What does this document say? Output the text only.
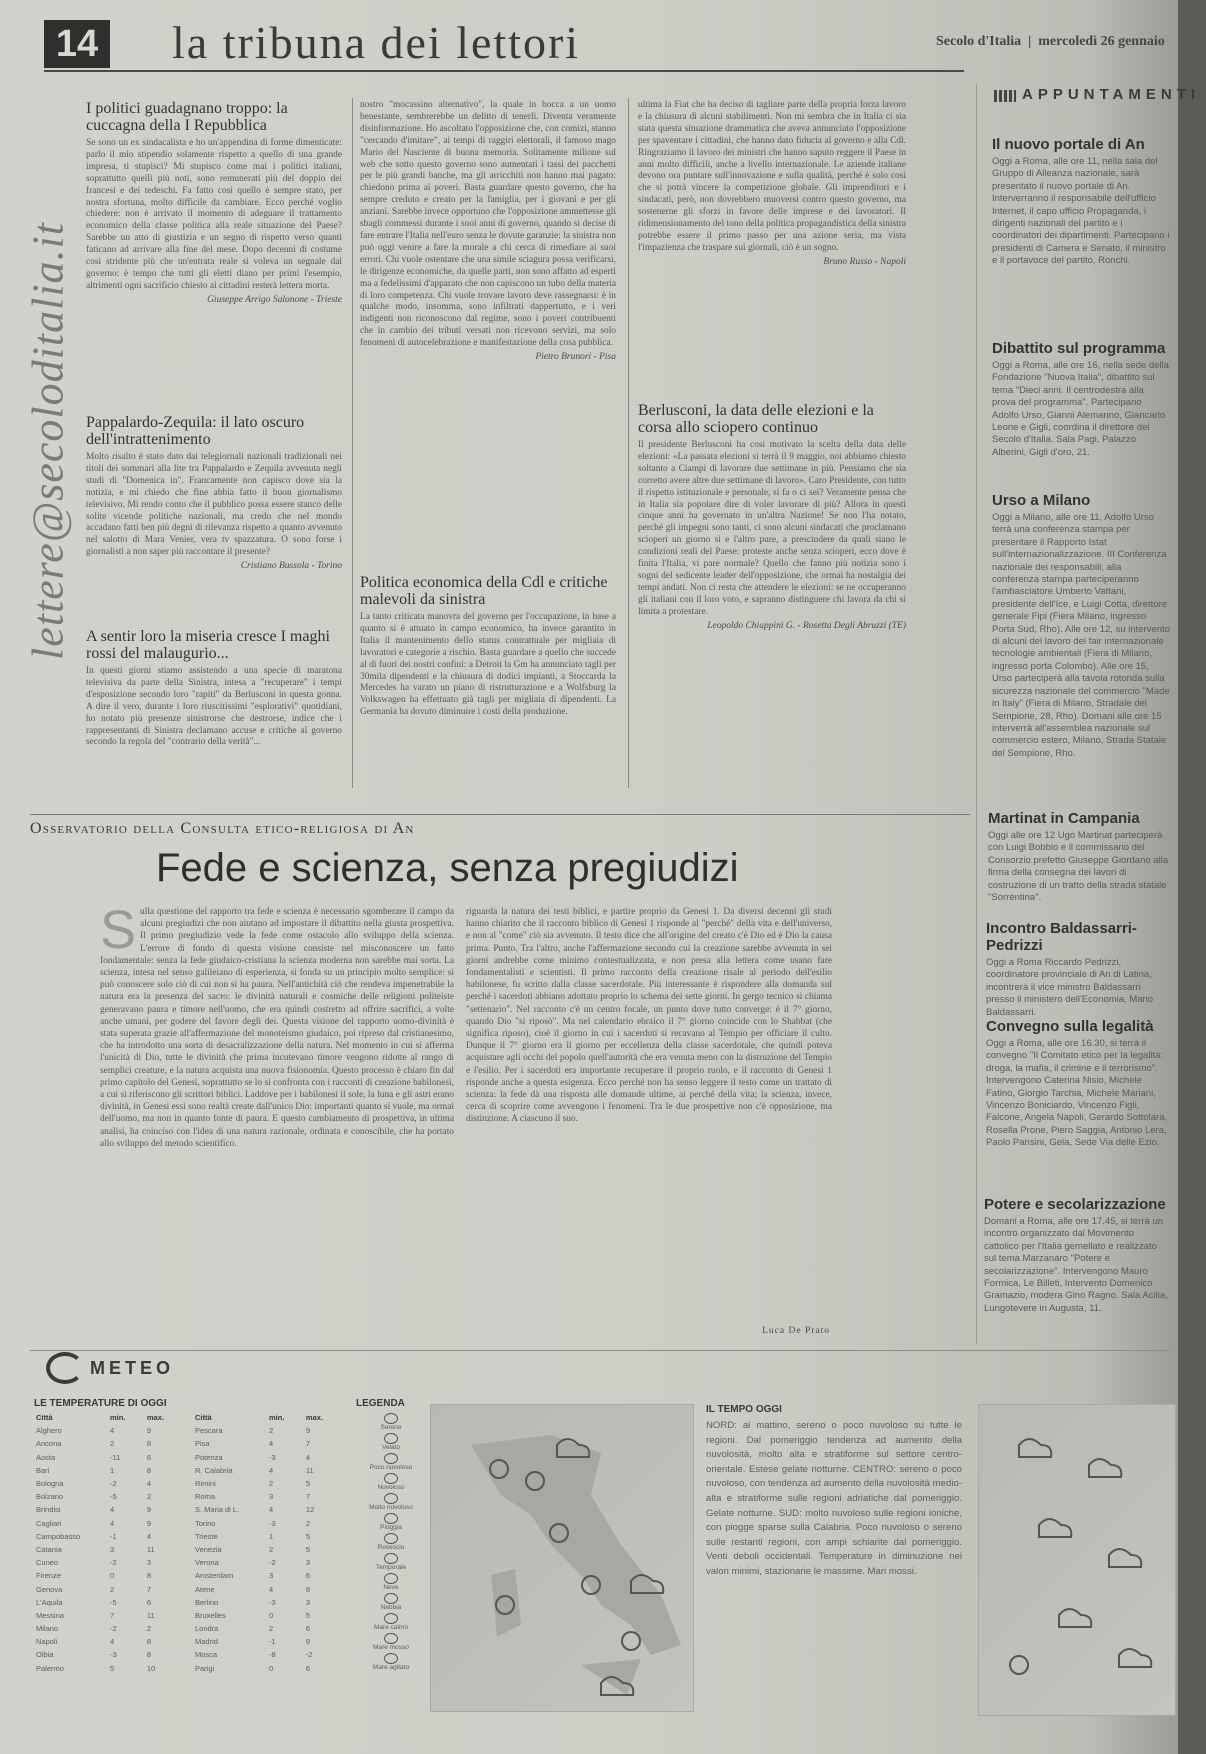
14 la tribuna dei lettori	Secolo d'Italia  |  mercoledì 26 gennaio
lettere@secoloditalia.it
I politici guadagnano troppo: la cuccagna della I Repubblica

Se sono un ex sindacalista e ho un'appendina di forme dimenticate: parlo il mio stipendio solamente rispetto a quello di una grande impresa, ti stupisci? Mi stupisco come mai i politici italiani, soprattutto quelli più noti, sono remunerati più del doppio dei francesi e dei tedeschi. Fa fatto così quello è sempre stato, per nostra sfortuna, molto difficile da cambiare. Ecco perché voglio chiedere: non è arrivato il momento di adeguare il trattamento economico della classe politica alla reale situazione del Paese? Sarebbe un atto di giustizia e un segno di rispetto verso quanti faticano ad arrivare alla fine del mese. Dopo decenni di costume così stridente più che un'entrata reale si voleva un segnale dal governo: è tempo che tutti gli eletti diano per primi l'esempio, altrimenti ogni sacrificio chiesto ai cittadini resterà lettera morta.

Giuseppe Arrigo Salonone - Trieste
Pappalardo-Zequila: il lato oscuro dell'intrattenimento

Molto risalto è stato dato dai telegiornali nazionali tradizionali nei titoli dei sommari alla lite tra Pappalardo e Zequila avvenuta negli studi di "Domenica in". Francamente non capisco dove sia la notizia, e mi chiedo che fine abbia fatto il buon giornalismo televisivo. Mi rendo conto che il pubblico possa essere stanco delle solite vicende politiche nazionali, ma credo che nel mondo accadano fatti ben più degni di rilevanza rispetto a quanto avvenuto nel salotto di Mara Venier, vera tv spazzatura. O sono forse i giornalisti a non saper più raccontare il presente?

Cristiano Bussola - Torino
A sentir loro la miseria cresce I maghi rossi del malaugurio...

In questi giorni stiamo assistendo a una specie di maratona televisiva da parte della Sinistra, intesa a "recuperare" i tempi d'esposizione secondo loro "rapiti" da Berlusconi in questa gonna. A dire il vero, durante i loro riuscitissimi "esplorativi" quotidiani, ho notato più presenze sinistrorse che destrorse, indice che i rappresentanti di Sinistra declamano accuse e critiche al governo secondo la regola del "contrario della verità"...

nostro "mocassino alternativo", la quale in bocca a un uomo benestante, sembrerebbe un delitto di tenerli. Diventa veramente disinformazione. Ho ascoltato l'opposizione che, con comizi, stanno "cercando d'imitare", ai tempi di raggiri elettorali, il famoso mago Mario del Nasciente di buona memoria. Solitamente milione sul web che sotto questo governo sono aumentati i tassi dei pacchetti per le più grandi banche, ma gli arricchiti non hanno mai pagato: chiedono prima ai poveri. Basta guardare questo governo, che ha sempre creduto e creato per la famiglia, per i giovani e per gli anziani. Sarebbe invece opportuno che l'opposizione ammettesse gli sbagli commessi durante i suoi anni di governo, quando si decise di fare entrare l'Italia nell'euro senza le dovute garanzie: la sinistra non può oggi venire a fare la morale a chi cerca di rimediare ai suoi errori. Chi vuole ostentare che una simile sciagura possa verificarsi, le dirigenze economiche, da quelle parti, non sono affatto ad esperti ma a fedelissimi d'apparato che non capiscono un tubo della materia di loro competenza. Chi vuole trovare lavoro deve rassegnarsi: è in qualche modo, insomma, sono infiltrati dappertutto, e i veri indigenti non riconoscono dal regime, sono i poveri contribuenti che in cambio dei tributi versati non ricevono servizi, ma solo fenomeni di autocelebrazione e manifestazione della cosa pubblica.

Pietro Brunori - Pisa
Politica economica della Cdl e critiche malevoli da sinistra

La tanto criticata manovra del governo per l'occupazione, in base a quanto si è attuato in campo economico, ha invece garantito in Italia il mantenimento dello status contrattuale per migliaia di lavoratori e categorie a rischio. Basta guardare a quello che succede al di fuori dei nostri confini: a Detroit la Gm ha annunciato tagli per 30mila dipendenti e la chiusura di dodici impianti, a Stoccarda la Mercedes ha varato un piano di ristrutturazione e a Wolfsburg la Volkswagen ha effettuato già tagli per migliaia di dipendenti. La Germania ha dovuto diminuire i costi della produzione.

ultima la Fiat che ha deciso di tagliare parte della propria forza lavoro e la chiusura di alcuni stabilimenti. Non mi sembra che in Italia ci sia stata questa situazione drammatica che aveva annunciato l'opposizione per spaventare i cittadini, che hanno dato fiducia al governo e alla Cdl. Ringraziamo il lavoro dei ministri che hanno saputo reggere il Paese in anni molto difficili, anche a livello internazionale. Le aziende italiane devono ora puntare sull'innovazione e sulla qualità, perché è solo così che si potrà vincere la competizione globale. Gli imprenditori e i sindacati, però, non dovrebbero muoversi contro questo governo, ma sostenerne gli sforzi in favore delle imprese e dei lavoratori. Il ridimensionamento del tono della politica propagandistica della sinistra potrebbe essere il primo passo per una azione seria, ma vista l'impazienza che traspare sui giornali, ciò è un sogno.

Bruno Russo - Napoli
Berlusconi, la data delle elezioni e la corsa allo sciopero continuo

Il presidente Berlusconi ha così motivato la scelta della data delle elezioni: «La passata elezioni si terrà il 9 maggio, noi abbiamo chiesto soltanto a Ciampi di lavorare due settimane in più. Pensiamo che sia corretto avere altre due settimane di lavoro». Caro Presidente, con tutto il rispetto istituzionale e personale, si fa o ci sei? Veramente pensa che in Italia sia popolare dire di voler lavorare di più? Allora in questi cinque anni ha governato in un'altra Nazione! Se non l'ha notato, perché gli impegni sono tanti, ci sono alcuni sindacati che proclamano scioperi un giorno sì e l'altro pure, a prescindere da quali siano le condizioni reali del Paese: proteste anche senza scioperi, ecco dove è finita l'Italia, vi pare normale? Quello che fanno più notizia sono i sogni del sedicente leader dell'opposizione, che ormai ha nostalgia dei tempi andati. Non ci resta che attendere le elezioni: se ne occuperanno gli italiani con il loro voto, e sapranno distinguere chi lavora da chi si limita a protestare.

Leopoldo Chiappini G. - Rosetta Degli Abruzzi (TE)
APPUNTAMENTI
Il nuovo portale di An

Oggi a Roma, alle ore 11, nella sala del Gruppo di Alleanza nazionale, sarà presentato il nuovo portale di An. Interverranno il responsabile dell'ufficio Internet, il capo ufficio Propaganda, i dirigenti nazionali del partito e i coordinatori dei dipartimenti. Partecipano i presidenti di Camera e Senato, il ministro e il portavoce del partito, Ronchi.

Dibattito sul programma

Oggi a Roma, alle ore 16, nella sede della Fondazione "Nuova Italia", dibattito sul tema "Dieci anni. Il centrodestra alla prova del programma". Partecipano Adolfo Urso, Gianni Alemanno, Giancarlo Leone e Gigli, coordina il direttore del Secolo d'Italia. Sala Pagi, Palazzo Alberini, Gigli d'oro, 21.

Urso a Milano

Oggi a Milano, alle ore 11, Adolfo Urso terrà una conferenza stampa per presentare il Rapporto Istat sull'internazionalizzazione. III Conferenza nazionale dei responsabili, alla conferenza stampa parteciperanno l'ambasciatore Umberto Vattani, presidente dell'Ice, e Luigi Cotta, direttore generale Fipi (Fiera Milano, ingresso Porta Sud, Rho). Alle ore 12, su intervento di alcuni del lavoro del fair internazionale tecnologie ambientali (Fiera di Milano, ingresso porta Colombo). Alle ore 15, Urso parteciperà alla tavola rotonda sulla sicurezza nazionale del commercio "Made in Italy" (Fiera di Milano, Stradale del Sempione, 28, Rho). Domani alle ore 15 interverrà all'assemblea nazionale sul commercio estero, Milano, Strada Statale del Sempione, Rho.

Martinat in Campania

Oggi alle ore 12 Ugo Martinat parteciperà con Luigi Bobbio e il commissario del Consorzio prefetto Giuseppe Giordano alla firma della consegna dei lavori di costruzione di un tratto della strada statale "Sorrentina".

Incontro Baldassarri-Pedrizzi

Oggi a Roma Riccardo Pedrizzi, coordinatore provinciale di An di Latina, incontrerà il vice ministro Baldassarri presso il ministero dell'Economia, Mario Baldassarri.

Convegno sulla legalità

Oggi a Roma, alle ore 16.30, si terrà il convegno "Il Comitato etico per la legalità: droga, la mafia, il crimine e il terrorismo". Intervengono Caterina Nisio, Michele Fatino, Giorgio Tarchia, Michele Mariani, Vincenzo Boniciardo, Vincenzo Figli, Falcone, Angela Napoli, Gerardo Sottolara, Rosella Prone, Piero Saggia, Antonio Lera, Paolo Pansini, Gela, Sede Via delle Ezio.

Potere e secolarizzazione

Domani a Roma, alle ore 17.45, si terrà un incontro organizzato dal Movimento cattolico per l'Italia gemellato e realizzato sul tema Marzanaro "Potere e secolarizzazione". Intervengono Mauro Formica, Le Billeti, Intervento Domenico Gramazio, modera Gino Ragno. Sala Acilia, Lungotevere in Augusta, 11.

Osservatorio della Consulta etico-religiosa di An
Fede e scienza, senza pregiudizi
S ulla questione del rapporto tra fede e scienza è necessario sgomberare il campo da alcuni pregiudizi che non aiutano ad impostare il dibattito nella giusta prospettiva. Il primo pregiudizio vede la fede come ostacolo allo sviluppo della scienza. L'errore di fondo di questa visione consiste nel misconoscere un fatto fondamentale: senza la fede giudaico-cristiana la scienza moderna non sarebbe mai sorta. La scienza, intesa nel senso galileiano di esperienza, si fonda su un principio molto semplice: si può conoscere solo ciò di cui non si ha paura. Nell'antichità ciò che rendeva impenetrabile la natura era la presenza del sacro: le divinità naturali e cosmiche delle religioni politeiste generavano paura e timore nell'uomo, che era quindi costretto ad offrire sacrifici, a volte anche umani, per godere del favore degli dei. Questa visione del rapporto uomo-divinità è stata superata grazie all'affermazione del monoteismo giudaico, poi ripreso dal cristianesimo, che ha introdotto una sorta di desacralizzazione della natura. Nel momento in cui si afferma l'unicità di Dio, tutte le divinità che prima incutevano timore vengono ridotte al rango di semplici creature, e la natura acquista una nuova fisionomia. Questo processo è chiaro fin dal primo capitolo del Genesi, soprattutto se lo si confronta con i racconti di creazione babilonesi, a cui si riferiscono gli scrittori biblici. Laddove per i babilonesi il sole, la luna e gli astri erano divinità, in Genesi essi sono realtà create dall'unico Dio: importanti quanto si vuole, ma ormai dell'uomo, ma non in quanto fonte di paura. E questo cambiamento di prospettiva, in ultima analisi, ha coinciso con l'idea di una natura razionale, ordinata e conoscibile, che ha portato allo sviluppo del metodo scientifico.

riguarda la natura dei testi biblici, e partire proprio da Genesi 1. Da diversi decenni gli studi hanno chiarito che il racconto biblico di Genesi 1 risponde al "perché" della vita e dell'universo, e non al "come" ciò sia avvenuto. Il testo dice che all'origine del creato c'è Dio ed è Dio la causa prima. Punto. Tra l'altro, anche l'affermazione secondo cui la creazione sarebbe avvenuta in sei giorni andrebbe come minimo contestualizzata, e non presa alla lettera come usano fare fondamentalisti e scientisti. Il primo racconto della creazione risale al periodo dell'esilio babilonese, fu scritto dalla classe sacerdotale. Più interessante è rispondere alla domanda sul perché i sacerdoti abbiano adottato proprio lo schema dei sette giorni. In gergo tecnico si chiama "settenario". Nel racconto c'è un centro focale, un punto dove tutto converge: è il 7° giorno, quando Dio "si riposò". Ma nel calendario ebraico il 7° giorno coincide con lo Shabbat (che significa riposo), cioè il giorno in cui i sacerdoti si recavano al Tempio per officiare il culto. Dunque il 7° giorno era il giorno per eccellenza della classe sacerdotale, che quindi poteva acquistare agli occhi del popolo quell'autorità che era venuta meno con la distruzione del Tempio e l'esilio. Per i sacerdoti era importante recuperare il proprio ruolo, e il racconto di Genesi 1 risponde anche a questa esigenza. Ecco perché non ha senso leggere il testo come un trattato di scienza: la fede dà una risposta alle domande ultime, ai perché della vita; la scienza, invece, cerca di scoprire come avvengono i fenomeni. Tra le due prospettive non c'è opposizione, ma distinzione. A ciascuno il suo.

Luca De Prato
METEO
LE TEMPERATURE DI OGGI
Città	min.	max.
Alghero	4	9
Ancona	2	8
Aosta	-11	6
Bari	1	8
Bologna	-2	4
Bolzano	-5	2
Brindisi	4	9
Cagliari	4	9
Campobasso	-1	4
Catania	3	11
Cuneo	-2	3
Firenze	0	8
Genova	2	7
L'Aquila	-5	6
Messina	7	11
Milano	-2	2
Napoli	4	8
Olbia	-3	8
Palermo	5	10
Città	min.	max.
Pescara	2	9
Pisa	4	7
Potenza	-3	4
R. Calabria	4	11
Rimini	2	5
Roma	3	7
S. Maria di L.	4	12
Torino	-3	2
Trieste	1	5
Venezia	2	5
Verona	-2	3
Amsterdam	3	6
Atene	4	8
Berlino	-3	3
Bruxelles	0	5
Londra	2	6
Madrid	-1	9
Mosca	-8	-2
Parigi	0	6
LEGENDA
Sereno
Velato
Poco nuvoloso
Nuvoloso
Molto nuvoloso
Pioggia
Rovescio
Temporale
Neve
Nebbia
Mare calmo
Mare mosso
Mare agitato
IL TEMPO OGGI

NORD: al mattino, sereno o poco nuvoloso su tutte le regioni. Dal pomeriggio tendenza ad aumento della nuvolosità, molto alta e stratiforme sul settore centro-orientale. Estese gelate notturne. CENTRO: sereno o poco nuvoloso, con tendenza ad aumento della nuvolosità medio-alta e stratiforme sulle regioni adriatiche dal pomeriggio. Gelate notturne. SUD: molto nuvoloso sulle regioni ioniche, con piogge sparse sulla Calabria. Poco nuvoloso o sereno sulle restanti regioni, con ampi schiarite dal pomeriggio. Venti deboli occidentali. Temperature in diminuzione nei valori minimi, stazionarie le massime. Mari mossi.
